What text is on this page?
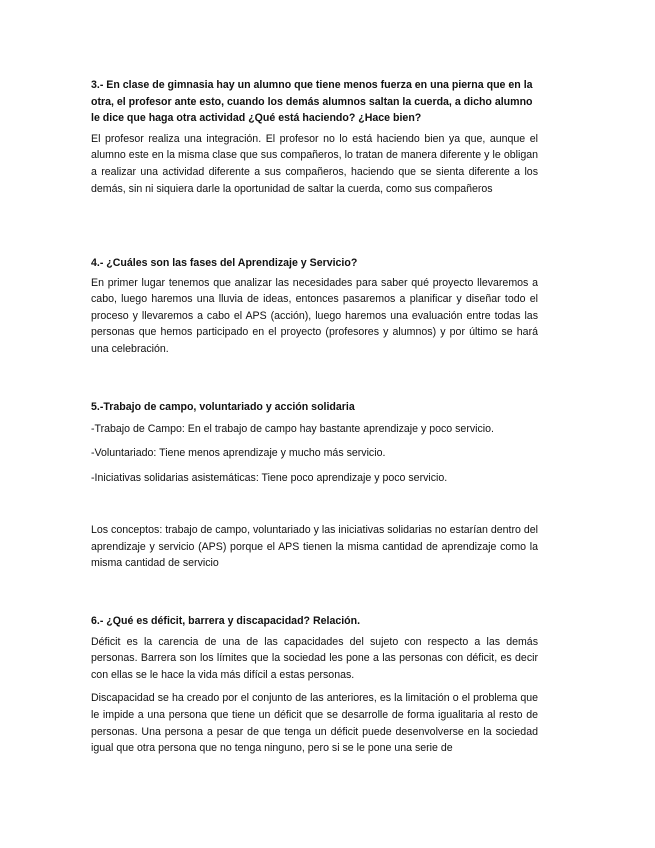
3.- En clase de gimnasia hay un alumno que tiene menos fuerza en una pierna que en la otra, el profesor ante esto, cuando los demás alumnos saltan la cuerda, a dicho alumno le dice que haga otra actividad ¿Qué está haciendo? ¿Hace bien?

El profesor realiza una integración. El profesor no lo está haciendo bien ya que, aunque el alumno este en la misma clase que sus compañeros, lo tratan de manera diferente y le obligan a realizar una actividad diferente a sus compañeros, haciendo que se sienta diferente a los demás, sin ni siquiera darle la oportunidad de saltar la cuerda, como sus compañeros

4.- ¿Cuáles son las fases del Aprendizaje y Servicio?

En primer lugar tenemos que analizar las necesidades para saber qué proyecto llevaremos a cabo, luego haremos una lluvia de ideas, entonces pasaremos a planificar y diseñar todo el proceso y llevaremos a cabo el APS (acción), luego haremos una evaluación entre todas las personas que hemos participado en el proyecto (profesores y alumnos) y por último se hará una celebración.

5.-Trabajo de campo, voluntariado y acción solidaria

-Trabajo de Campo: En el trabajo de campo hay bastante aprendizaje y poco servicio.

-Voluntariado: Tiene menos aprendizaje y mucho más servicio.

-Iniciativas solidarias asistemáticas: Tiene poco aprendizaje y poco servicio.

Los conceptos: trabajo de campo, voluntariado y las iniciativas solidarias no estarían dentro del aprendizaje y servicio (APS) porque el APS tienen la misma cantidad de aprendizaje como la misma cantidad de servicio

6.- ¿Qué es déficit, barrera y discapacidad? Relación.

Déficit es la carencia de una de las capacidades del sujeto con respecto a las demás personas. Barrera son los límites que la sociedad les pone a las personas con déficit, es decir con ellas se le hace la vida más difícil a estas personas.

Discapacidad se ha creado por el conjunto de las anteriores, es la limitación o el problema que le impide a una persona que tiene un déficit que se desarrolle de forma igualitaria al resto de personas. Una persona a pesar de que tenga un déficit puede desenvolverse en la sociedad igual que otra persona que no tenga ninguno, pero si se le pone una serie de
